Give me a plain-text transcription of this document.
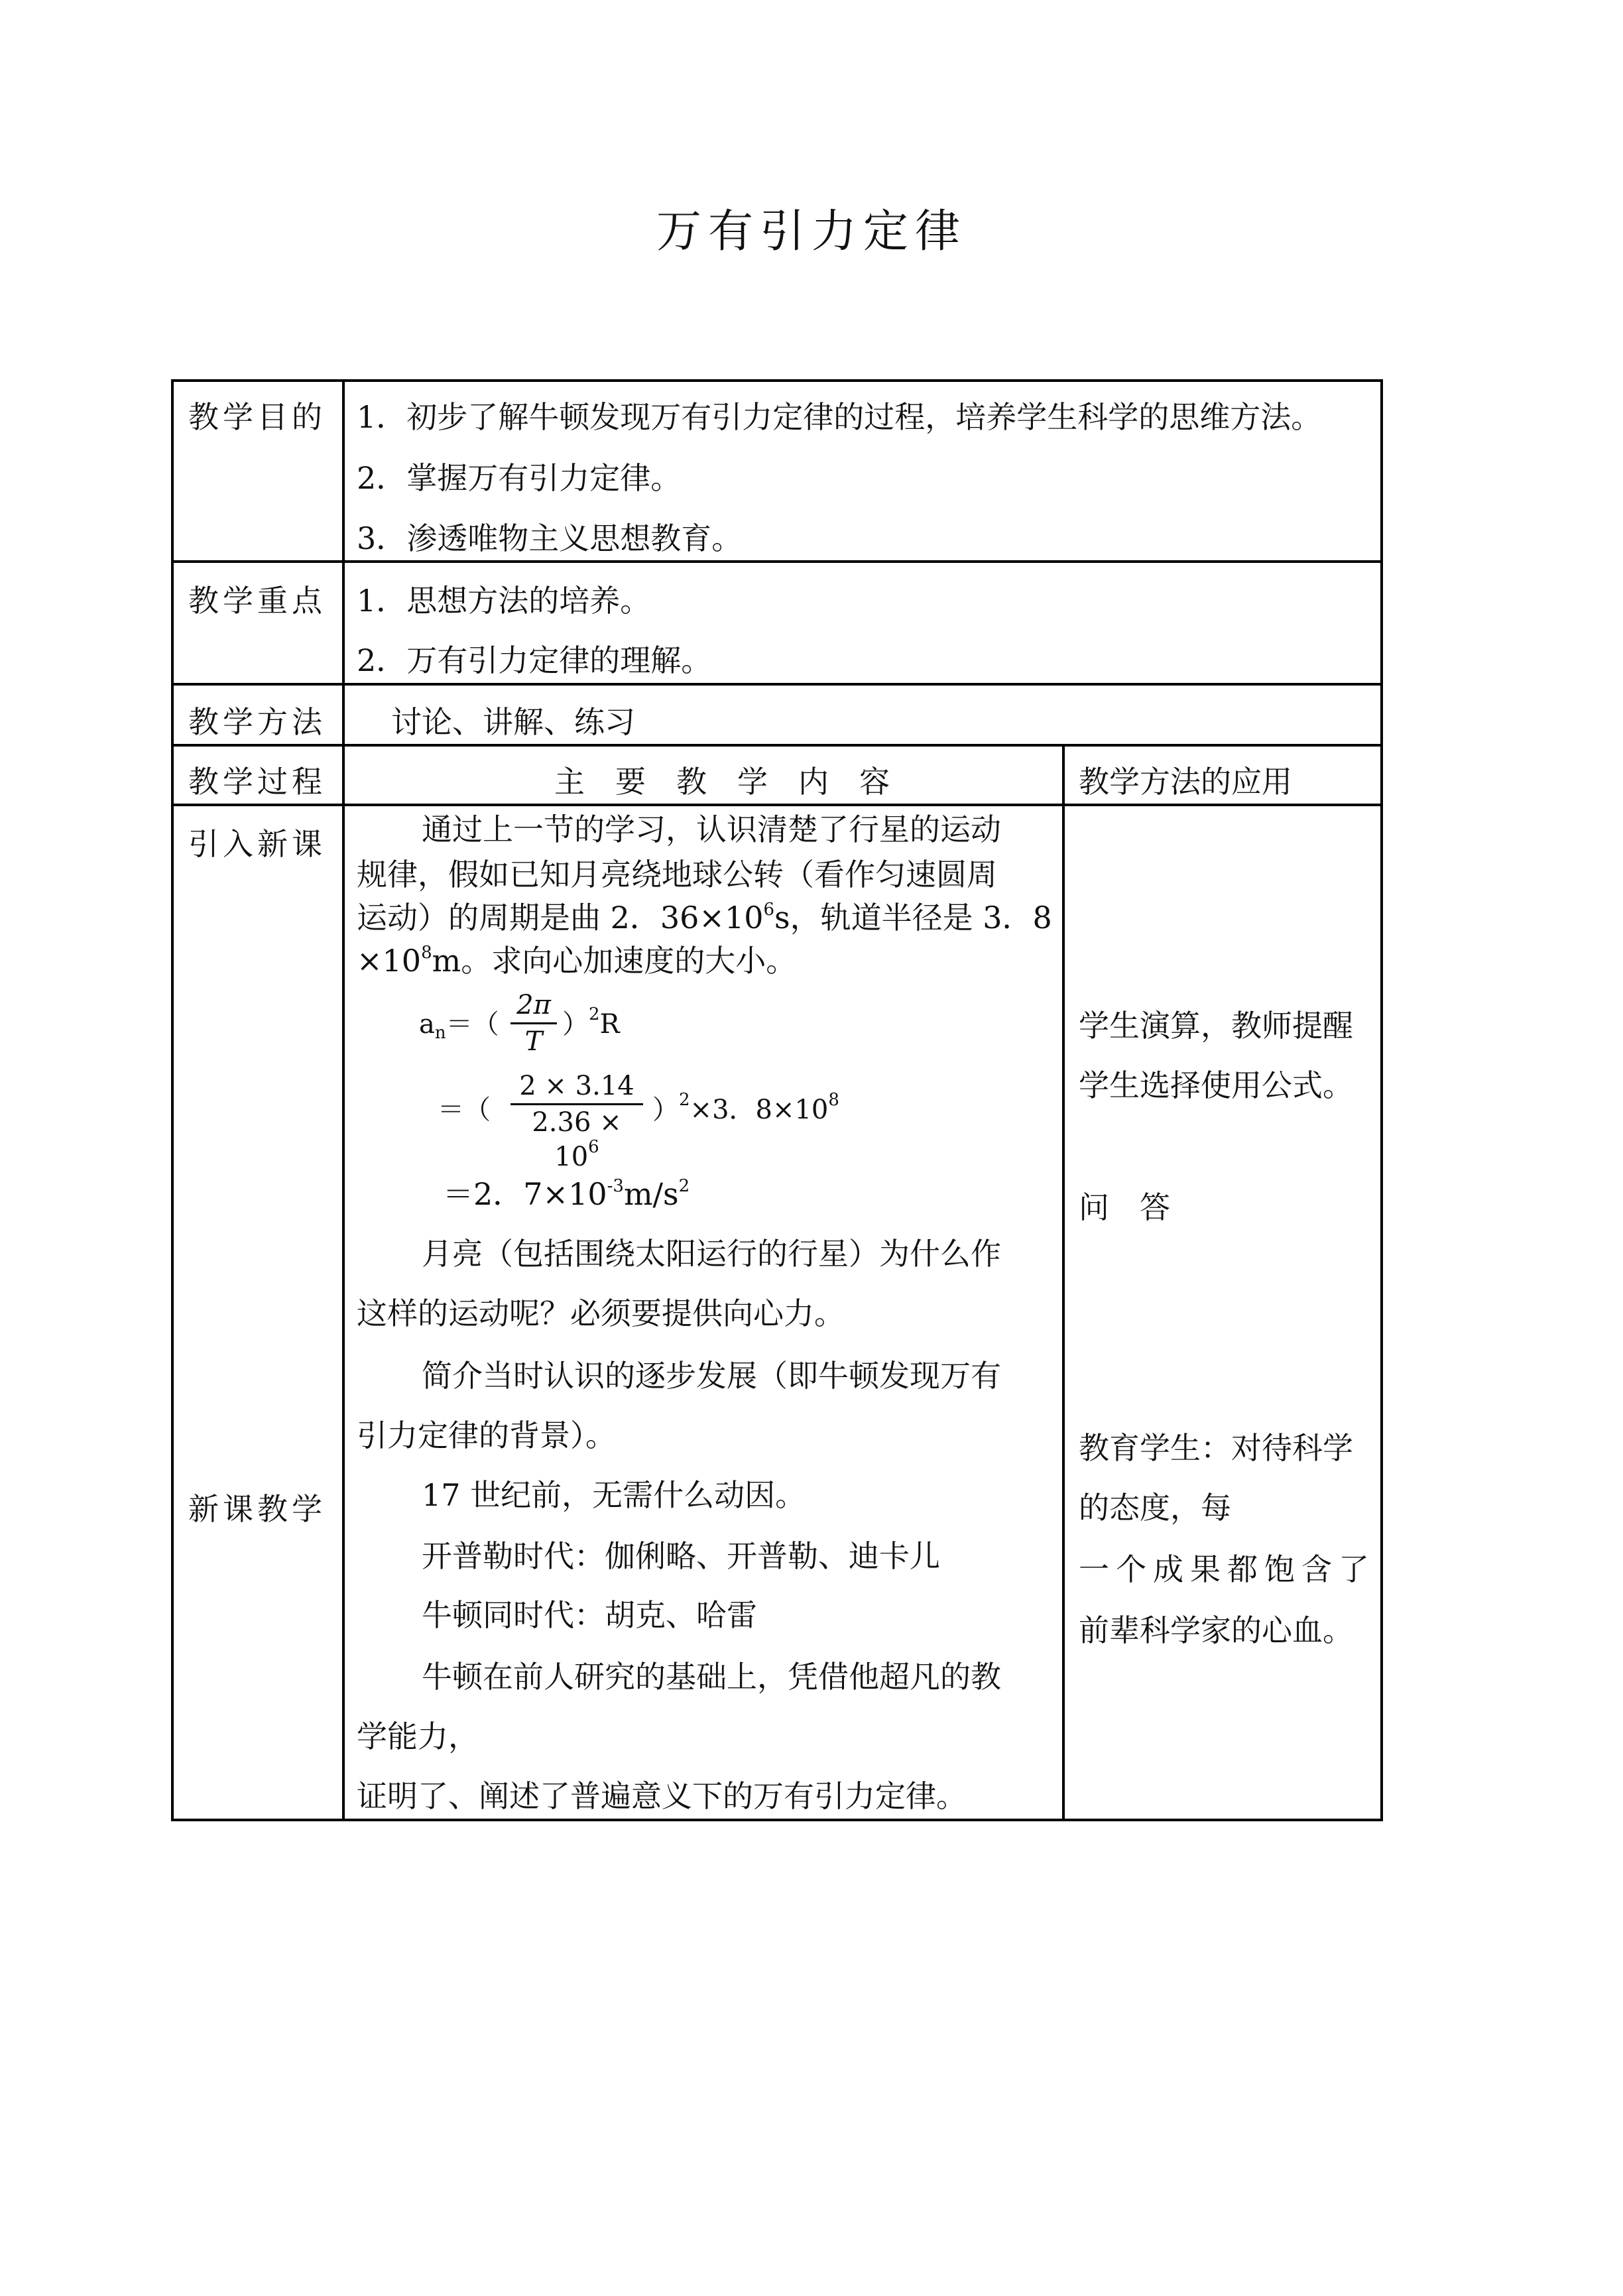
万有引力定律
教学目的
教学重点
教学方法
教学过程
引入新课
新课教学
1．初步了解牛顿发现万有引力定律的过程，培养学生科学的思维方法。
2．掌握万有引力定律。
3．渗透唯物主义思想教育。
1．思想方法的培养。
2．万有引力定律的理解。
讨论、讲解、练习
主　要　教　学　内　容	教学方法的应用
通过上一节的学习，认识清楚了行星的运动
规律，假如已知月亮绕地球公转（看作匀速圆周
运动）的周期是曲 2．$36\times 10^6s$，轨道半径是 3．8
$\times 10^8m$。求向心加速度的大小。
$a_n=$（
2π
T
）$^2$R
＝（
2 × 3.14
$2.36 \times 10^6$
）$^2$×3．$8\times 10^8$
＝2．$7\times 10^{-3}m/s^2$
月亮（包括围绕太阳运行的行星）为什么作
这样的运动呢？必须要提供向心力。
简介当时认识的逐步发展（即牛顿发现万有
引力定律的背景）。
17 世纪前，无需什么动因。
开普勒时代：伽俐略、开普勒、迪卡儿
牛顿同时代：胡克、哈雷
牛顿在前人研究的基础上，凭借他超凡的教
学能力，
证明了、阐述了普遍意义下的万有引力定律。
学生演算，教师提醒
学生选择使用公式。
问　答
教育学生：对待科学
的态度，每
一个成果都饱含了
前辈科学家的心血。
